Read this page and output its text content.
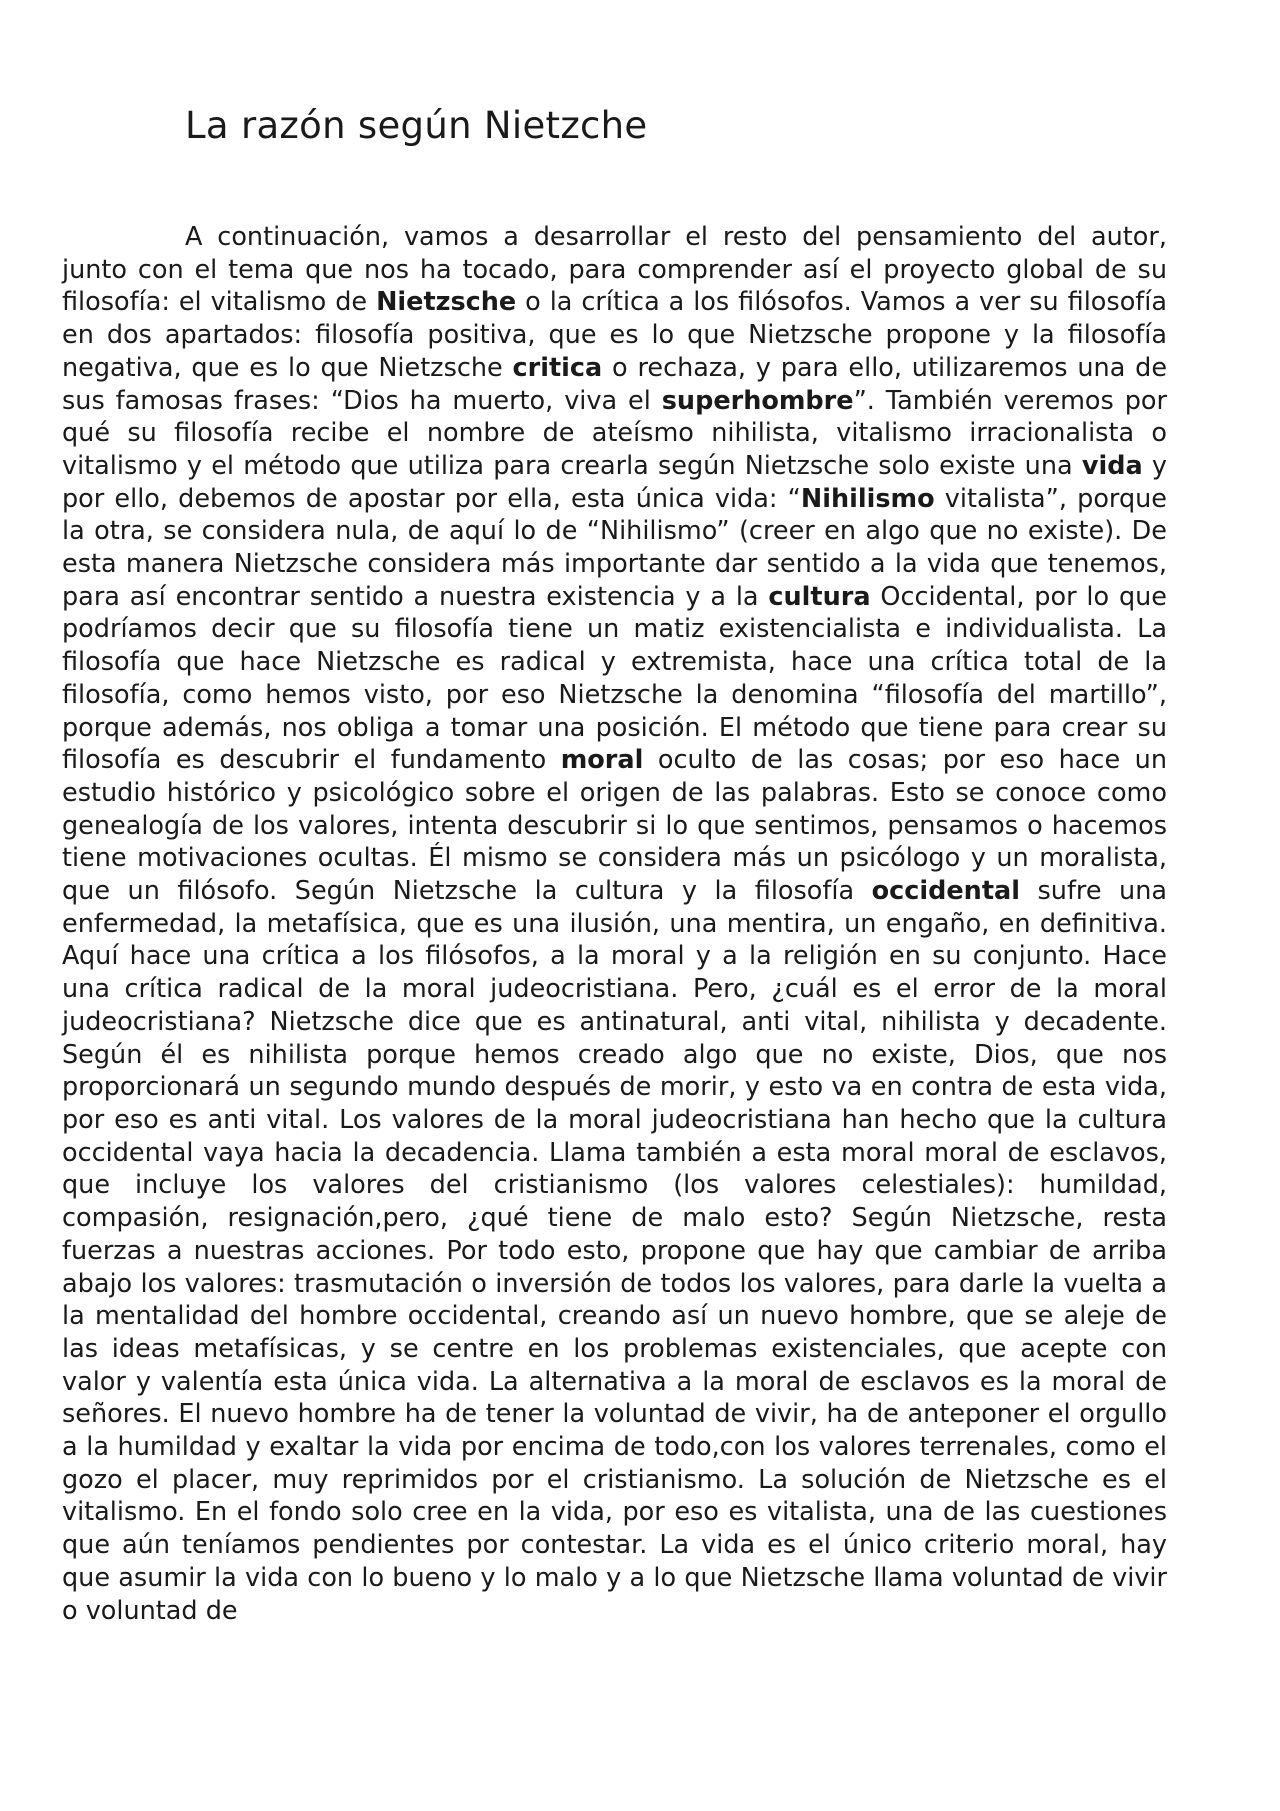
La razón según Nietzche

A continuación, vamos a desarrollar el resto del pensamiento del autor, junto con el tema que nos ha tocado, para comprender así el proyecto global de su filosofía: el vitalismo de Nietzsche o la crítica a los filósofos. Vamos a ver su filosofía en dos apartados: filosofía positiva, que es lo que Nietzsche propone y la filosofía negativa, que es lo que Nietzsche critica o rechaza, y para ello, utilizaremos una de sus famosas frases: “Dios ha muerto, viva el superhombre”. También veremos por qué su filosofía recibe el nombre de ateísmo nihilista, vitalismo irracionalista o vitalismo y el método que utiliza para crearla según Nietzsche solo existe una vida y por ello, debemos de apostar por ella, esta única vida: “Nihilismo vitalista”, porque la otra, se considera nula, de aquí lo de “Nihilismo” (creer en algo que no existe). De esta manera Nietzsche considera más importante dar sentido a la vida que tenemos, para así encontrar sentido a nuestra existencia y a la cultura Occidental, por lo que podríamos decir que su filosofía tiene un matiz existencialista e individualista. La filosofía que hace Nietzsche es radical y extremista, hace una crítica total de la filosofía, como hemos visto, por eso Nietzsche la denomina “filosofía del martillo”, porque además, nos obliga a tomar una posición. El método que tiene para crear su filosofía es descubrir el fundamento moral oculto de las cosas; por eso hace un estudio histórico y psicológico sobre el origen de las palabras. Esto se conoce como genealogía de los valores, intenta descubrir si lo que sentimos, pensamos o hacemos tiene motivaciones ocultas. Él mismo se considera más un psicólogo y un moralista, que un filósofo. Según Nietzsche la cultura y la filosofía occidental sufre una enfermedad, la metafísica, que es una ilusión, una mentira, un engaño, en definitiva. Aquí hace una crítica a los filósofos, a la moral y a la religión en su conjunto. Hace una crítica radical de la moral judeocristiana. Pero, ¿cuál es el error de la moral judeocristiana? Nietzsche dice que es antinatural, anti vital, nihilista y decadente. Según él es nihilista porque hemos creado algo que no existe, Dios, que nos proporcionará un segundo mundo después de morir, y esto va en contra de esta vida, por eso es anti vital. Los valores de la moral judeocristiana han hecho que la cultura occidental vaya hacia la decadencia. Llama también a esta moral moral de esclavos, que incluye los valores del cristianismo (los valores celestiales): humildad, compasión, resignación,pero, ¿qué tiene de malo esto? Según Nietzsche, resta fuerzas a nuestras acciones. Por todo esto, propone que hay que cambiar de arriba abajo los valores: trasmutación o inversión de todos los valores, para darle la vuelta a la mentalidad del hombre occidental, creando así un nuevo hombre, que se aleje de las ideas metafísicas, y se centre en los problemas existenciales, que acepte con valor y valentía esta única vida. La alternativa a la moral de esclavos es la moral de señores. El nuevo hombre ha de tener la voluntad de vivir, ha de anteponer el orgullo a la humildad y exaltar la vida por encima de todo,con los valores terrenales, como el gozo el placer, muy reprimidos por el cristianismo. La solución de Nietzsche es el vitalismo. En el fondo solo cree en la vida, por eso es vitalista, una de las cuestiones que aún teníamos pendientes por contestar. La vida es el único criterio moral, hay que asumir la vida con lo bueno y lo malo y a lo que Nietzsche llama voluntad de vivir o voluntad de
